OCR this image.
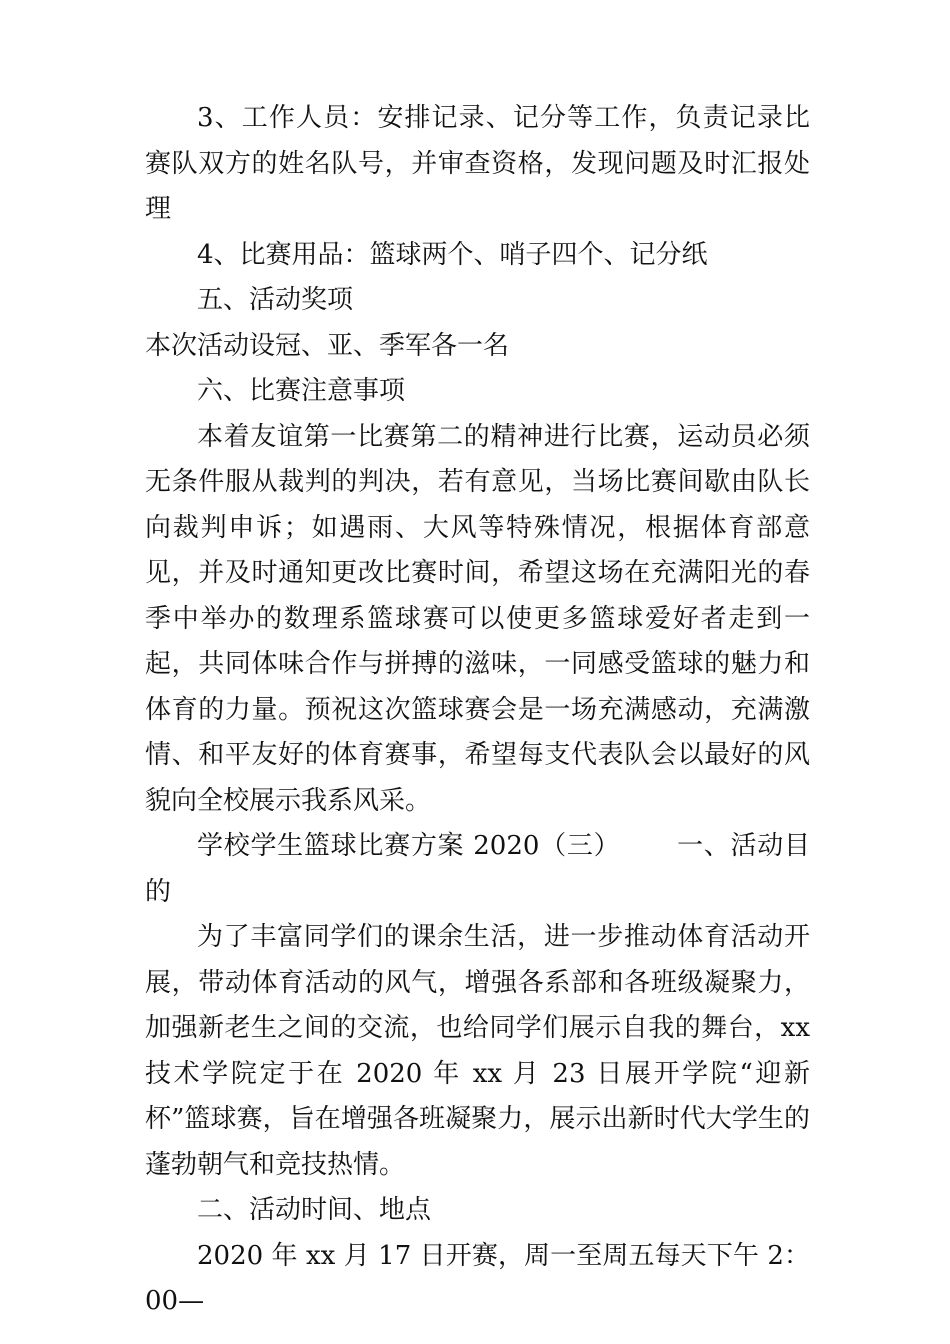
3、工作人员：安排记录、记分等工作，负责记录比赛队双方的姓名队号，并审查资格，发现问题及时汇报处理

4、比赛用品：篮球两个、哨子四个、记分纸

五、活动奖项

本次活动设冠、亚、季军各一名

六、比赛注意事项

本着友谊第一比赛第二的精神进行比赛，运动员必须无条件服从裁判的判决，若有意见，当场比赛间歇由队长向裁判申诉；如遇雨、大风等特殊情况，根据体育部意见，并及时通知更改比赛时间，希望这场在充满阳光的春季中举办的数理系篮球赛可以使更多篮球爱好者走到一起，共同体味合作与拼搏的滋味，一同感受篮球的魅力和体育的力量。预祝这次篮球赛会是一场充满感动，充满激情、和平友好的体育赛事，希望每支代表队会以最好的风貌向全校展示我系风采。

学校学生篮球比赛方案 2020（三） 一、活动目的

为了丰富同学们的课余生活，进一步推动体育活动开展，带动体育活动的风气，增强各系部和各班级凝聚力，加强新老生之间的交流，也给同学们展示自我的舞台，xx 技术学院定于在 2020 年 xx 月 23 日展开学院“迎新杯”篮球赛，旨在增强各班凝聚力，展示出新时代大学生的蓬勃朝气和竞技热情。

二、活动时间、地点

2020 年 xx 月 17 日开赛，周一至周五每天下午 2：00—
